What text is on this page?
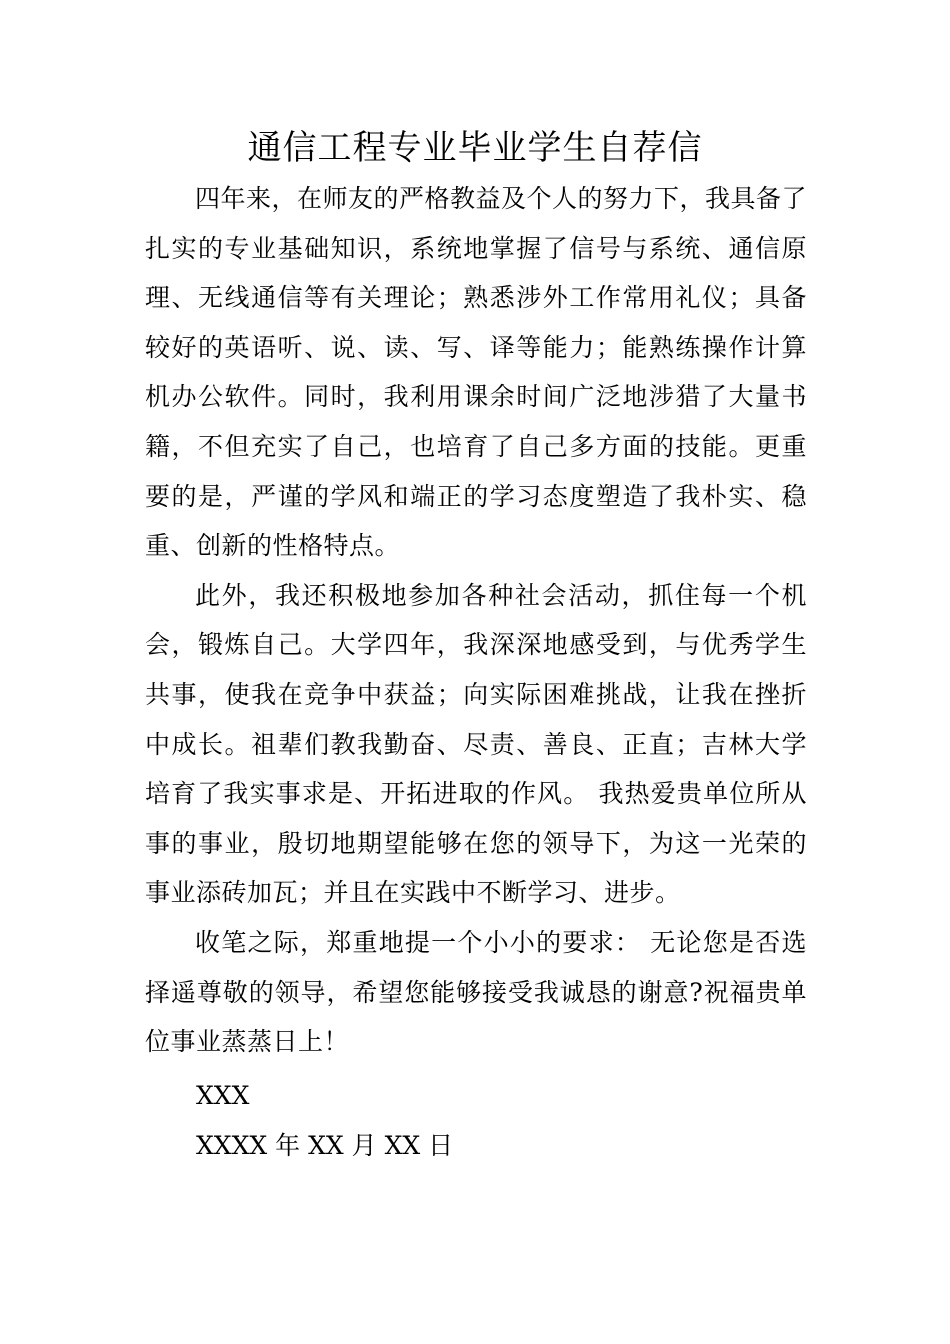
通信工程专业毕业学生自荐信

四年来，在师友的严格教益及个人的努力下，我具备了扎实的专业基础知识，系统地掌握了信号与系统、通信原理、无线通信等有关理论；熟悉涉外工作常用礼仪；具备较好的英语听、说、读、写、译等能力；能熟练操作计算机办公软件。同时，我利用课余时间广泛地涉猎了大量书籍，不但充实了自己，也培育了自己多方面的技能。更重要的是，严谨的学风和端正的学习态度塑造了我朴实、稳重、创新的性格特点。

此外，我还积极地参加各种社会活动，抓住每一个机会，锻炼自己。大学四年，我深深地感受到，与优秀学生共事，使我在竞争中获益；向实际困难挑战，让我在挫折中成长。祖辈们教我勤奋、尽责、善良、正直；吉林大学培育了我实事求是、开拓进取的作风。 我热爱贵单位所从事的事业，殷切地期望能够在您的领导下，为这一光荣的事业添砖加瓦；并且在实践中不断学习、进步。

收笔之际，郑重地提一个小小的要求： 无论您是否选择遥尊敬的领导，希望您能够接受我诚恳的谢意?祝福贵单位事业蒸蒸日上！

XXX

XXXX 年 XX 月 XX 日
